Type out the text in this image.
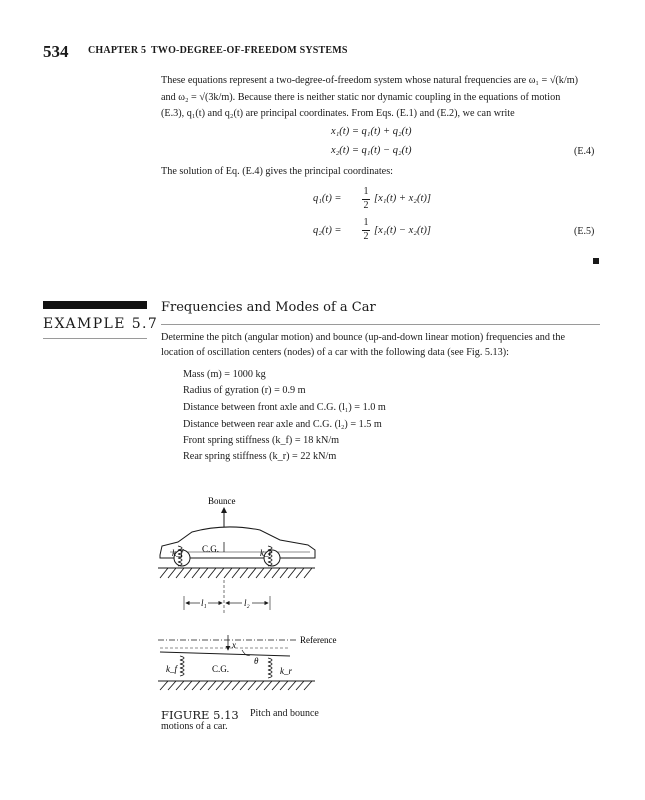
534 CHAPTER 5 TWO-DEGREE-OF-FREEDOM SYSTEMS
These equations represent a two-degree-of-freedom system whose natural frequencies are ω₁ = √(k/m)
and ω₂ = √(3k/m). Because there is neither static nor dynamic coupling in the equations of motion
(E.3), q₁(t) and q₂(t) are principal coordinates. From Eqs. (E.1) and (E.2), we can write
x₁(t) = q₁(t) + q₂(t)
x₂(t) = q₁(t) − q₂(t)	(E.4)
The solution of Eq. (E.4) gives the principal coordinates:
q₁(t) =
1
2
[x₁(t) + x₂(t)]
q₂(t) =
1
2
[x₁(t) − x₂(t)]	(E.5)
EXAMPLE 5.7
Frequencies and Modes of a Car
Determine the pitch (angular motion) and bounce (up-and-down linear motion) frequencies and the
location of oscillation centers (nodes) of a car with the following data (see Fig. 5.13):
Mass (m) = 1000 kg
Radius of gyration (r) = 0.9 m
Distance between front axle and C.G. (l₁) = 1.0 m
Distance between rear axle and C.G. (l₂) = 1.5 m
Front spring stiffness (k_f) = 18 kN/m
Rear spring stiffness (k_r) = 22 kN/m
Bounce
k_f	k_r
C.G.
l₁	l₂
Reference
x
θ
k_f	k_r
C.G.
FIGURE 5.13 Pitch and bounce
motions of a car.
